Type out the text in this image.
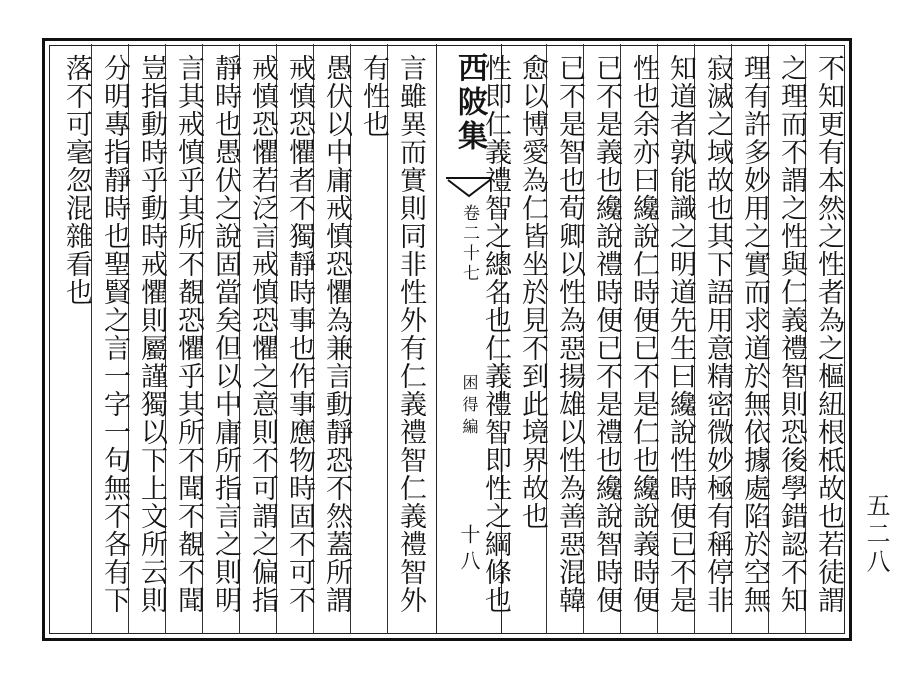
言雖異而實則同非性外有仁義禮智仁義禮智外
有性也
愚伏以中庸戒慎恐懼為兼言動靜恐不然蓋所謂
戒慎恐懼者不獨靜時事也作事應物時固不可不
戒慎恐懼若泛言戒慎恐懼之意則不可謂之偏指
靜時也愚伏之說固當矣但以中庸所指言之則明
言其戒慎乎其所不覩恐懼乎其所不聞不覩不聞
豈指動時乎動時戒懼則屬謹獨以下上文所云則
分明專指靜時也聖賢之言一字一句無不各有下
落不可毫忽混雜看也	西陂集
卷二十七
困得編
十八	不知更有本然之性者為之樞紐根柢故也若徒謂
之理而不謂之性與仁義禮智則恐後學錯認不知
理有許多妙用之實而求道於無依據處陷於空無
寂滅之域故也其下語用意精密微妙極有稱停非
知道者孰能識之明道先生曰纔說性時便已不是
性也余亦曰纔說仁時便已不是仁也纔說義時便
已不是義也纔說禮時便已不是禮也纔說智時便
已不是智也荀卿以性為惡揚雄以性為善惡混韓
愈以博愛為仁皆坐於見不到此境界故也
性即仁義禮智之總名也仁義禮智即性之綱條也	五二八
